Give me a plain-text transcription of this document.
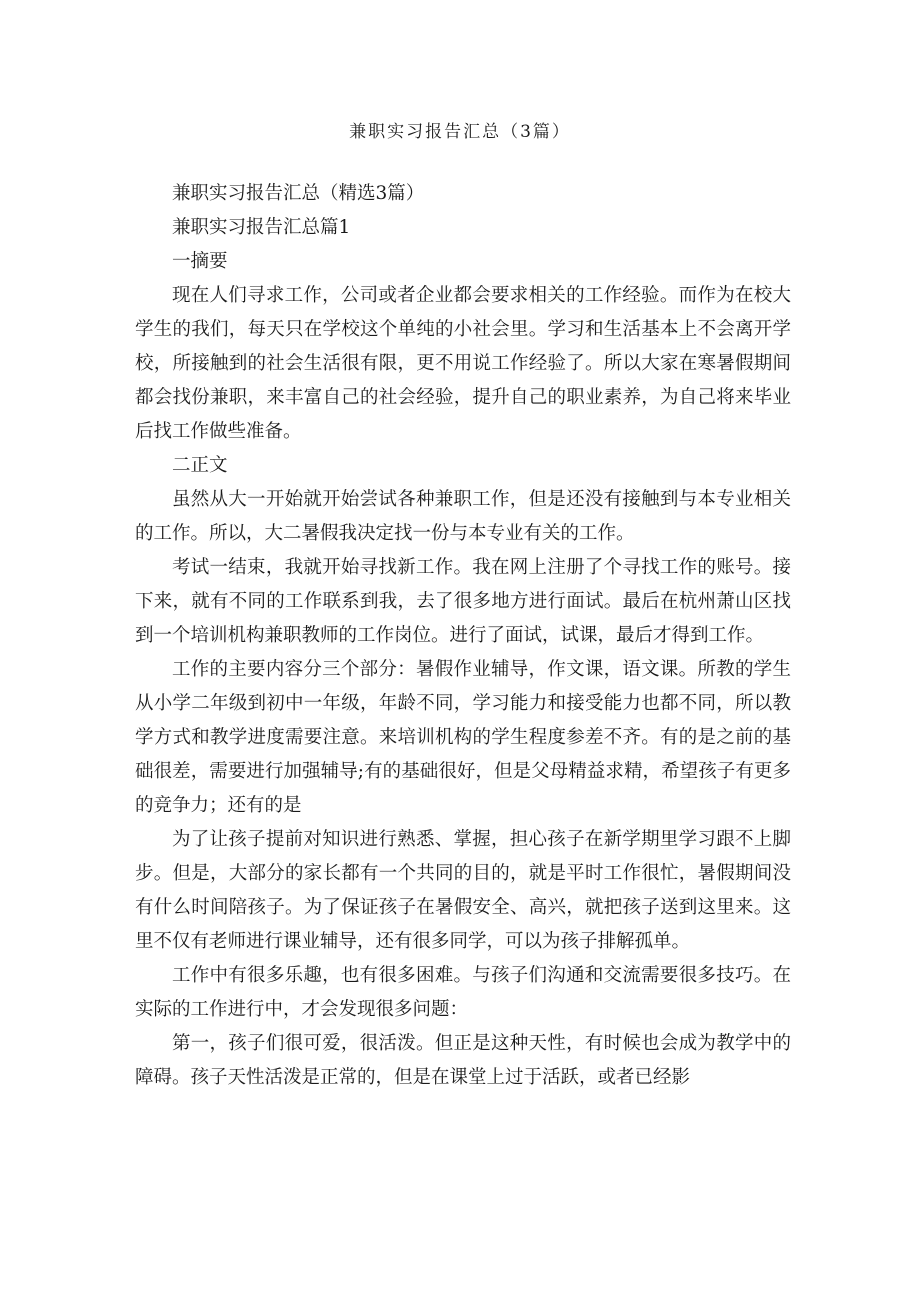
兼职实习报告汇总（3篇）

兼职实习报告汇总（精选3篇）

兼职实习报告汇总篇1

一摘要

现在人们寻求工作，公司或者企业都会要求相关的工作经验。而作为在校大学生的我们，每天只在学校这个单纯的小社会里。学习和生活基本上不会离开学校，所接触到的社会生活很有限，更不用说工作经验了。所以大家在寒暑假期间都会找份兼职，来丰富自己的社会经验，提升自己的职业素养，为自己将来毕业后找工作做些准备。

二正文

虽然从大一开始就开始尝试各种兼职工作，但是还没有接触到与本专业相关的工作。所以，大二暑假我决定找一份与本专业有关的工作。

考试一结束，我就开始寻找新工作。我在网上注册了个寻找工作的账号。接下来，就有不同的工作联系到我，去了很多地方进行面试。最后在杭州萧山区找到一个培训机构兼职教师的工作岗位。进行了面试，试课，最后才得到工作。

工作的主要内容分三个部分：暑假作业辅导，作文课，语文课。所教的学生从小学二年级到初中一年级，年龄不同，学习能力和接受能力也都不同，所以教学方式和教学进度需要注意。来培训机构的学生程度参差不齐。有的是之前的基础很差，需要进行加强辅导;有的基础很好，但是父母精益求精，希望孩子有更多的竞争力；还有的是

为了让孩子提前对知识进行熟悉、掌握，担心孩子在新学期里学习跟不上脚步。但是，大部分的家长都有一个共同的目的，就是平时工作很忙，暑假期间没有什么时间陪孩子。为了保证孩子在暑假安全、高兴，就把孩子送到这里来。这里不仅有老师进行课业辅导，还有很多同学，可以为孩子排解孤单。

工作中有很多乐趣，也有很多困难。与孩子们沟通和交流需要很多技巧。在实际的工作进行中，才会发现很多问题：

第一，孩子们很可爱，很活泼。但正是这种天性，有时候也会成为教学中的障碍。孩子天性活泼是正常的，但是在课堂上过于活跃，或者已经影
